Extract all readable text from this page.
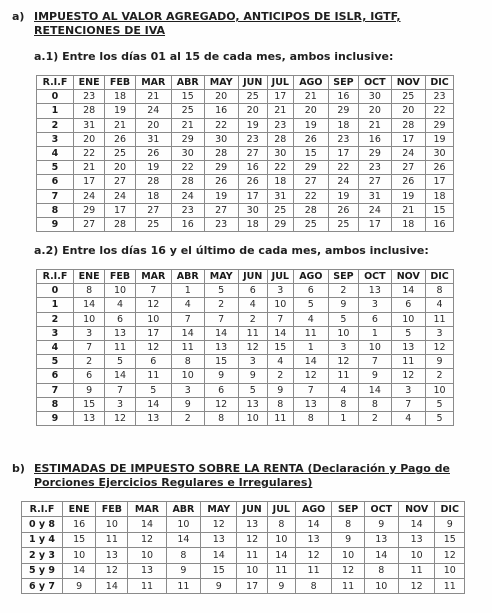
a) IMPUESTO AL VALOR AGREGADO, ANTICIPOS DE ISLR, IGTF,
RETENCIONES DE IVA

a.1) Entre los días 01 al 15 de cada mes, ambos inclusive:

R.I.F	ENE	FEB	MAR	ABR	MAY	JUN	JUL	AGO	SEP	OCT	NOV	DIC
0	23	18	21	15	20	25	17	21	16	30	25	23
1	28	19	24	25	16	20	21	20	29	20	20	22
2	31	21	20	21	22	19	23	19	18	21	28	29
3	20	26	31	29	30	23	28	26	23	16	17	19
4	22	25	26	30	28	27	30	15	17	29	24	30
5	21	20	19	22	29	16	22	29	22	23	27	26
6	17	27	28	28	26	26	18	27	24	27	26	17
7	24	24	18	24	19	17	31	22	19	31	19	18
8	29	17	27	23	27	30	25	28	26	24	21	15
9	27	28	25	16	23	18	29	25	25	17	18	16

a.2) Entre los días 16 y el último de cada mes, ambos inclusive:

R.I.F	ENE	FEB	MAR	ABR	MAY	JUN	JUL	AGO	SEP	OCT	NOV	DIC
0	8	10	7	1	5	6	3	6	2	13	14	8
1	14	4	12	4	2	4	10	5	9	3	6	4
2	10	6	10	7	7	2	7	4	5	6	10	11
3	3	13	17	14	14	11	14	11	10	1	5	3
4	7	11	12	11	13	12	15	1	3	10	13	12
5	2	5	6	8	15	3	4	14	12	7	11	9
6	6	14	11	10	9	9	2	12	11	9	12	2
7	9	7	5	3	6	5	9	7	4	14	3	10
8	15	3	14	9	12	13	8	13	8	8	7	5
9	13	12	13	2	8	10	11	8	1	2	4	5
b) ESTIMADAS DE IMPUESTO SOBRE LA RENTA (Declaración y Pago de
Porciones Ejercicios Regulares e Irregulares)
R.I.F	ENE	FEB	MAR	ABR	MAY	JUN	JUL	AGO	SEP	OCT	NOV	DIC
0 y 8	16	10	14	10	12	13	8	14	8	9	14	9
1 y 4	15	11	12	14	13	12	10	13	9	13	13	15
2 y 3	10	13	10	8	14	11	14	12	10	14	10	12
5 y 9	14	12	13	9	15	10	11	11	12	8	11	10
6 y 7	9	14	11	11	9	17	9	8	11	10	12	11
